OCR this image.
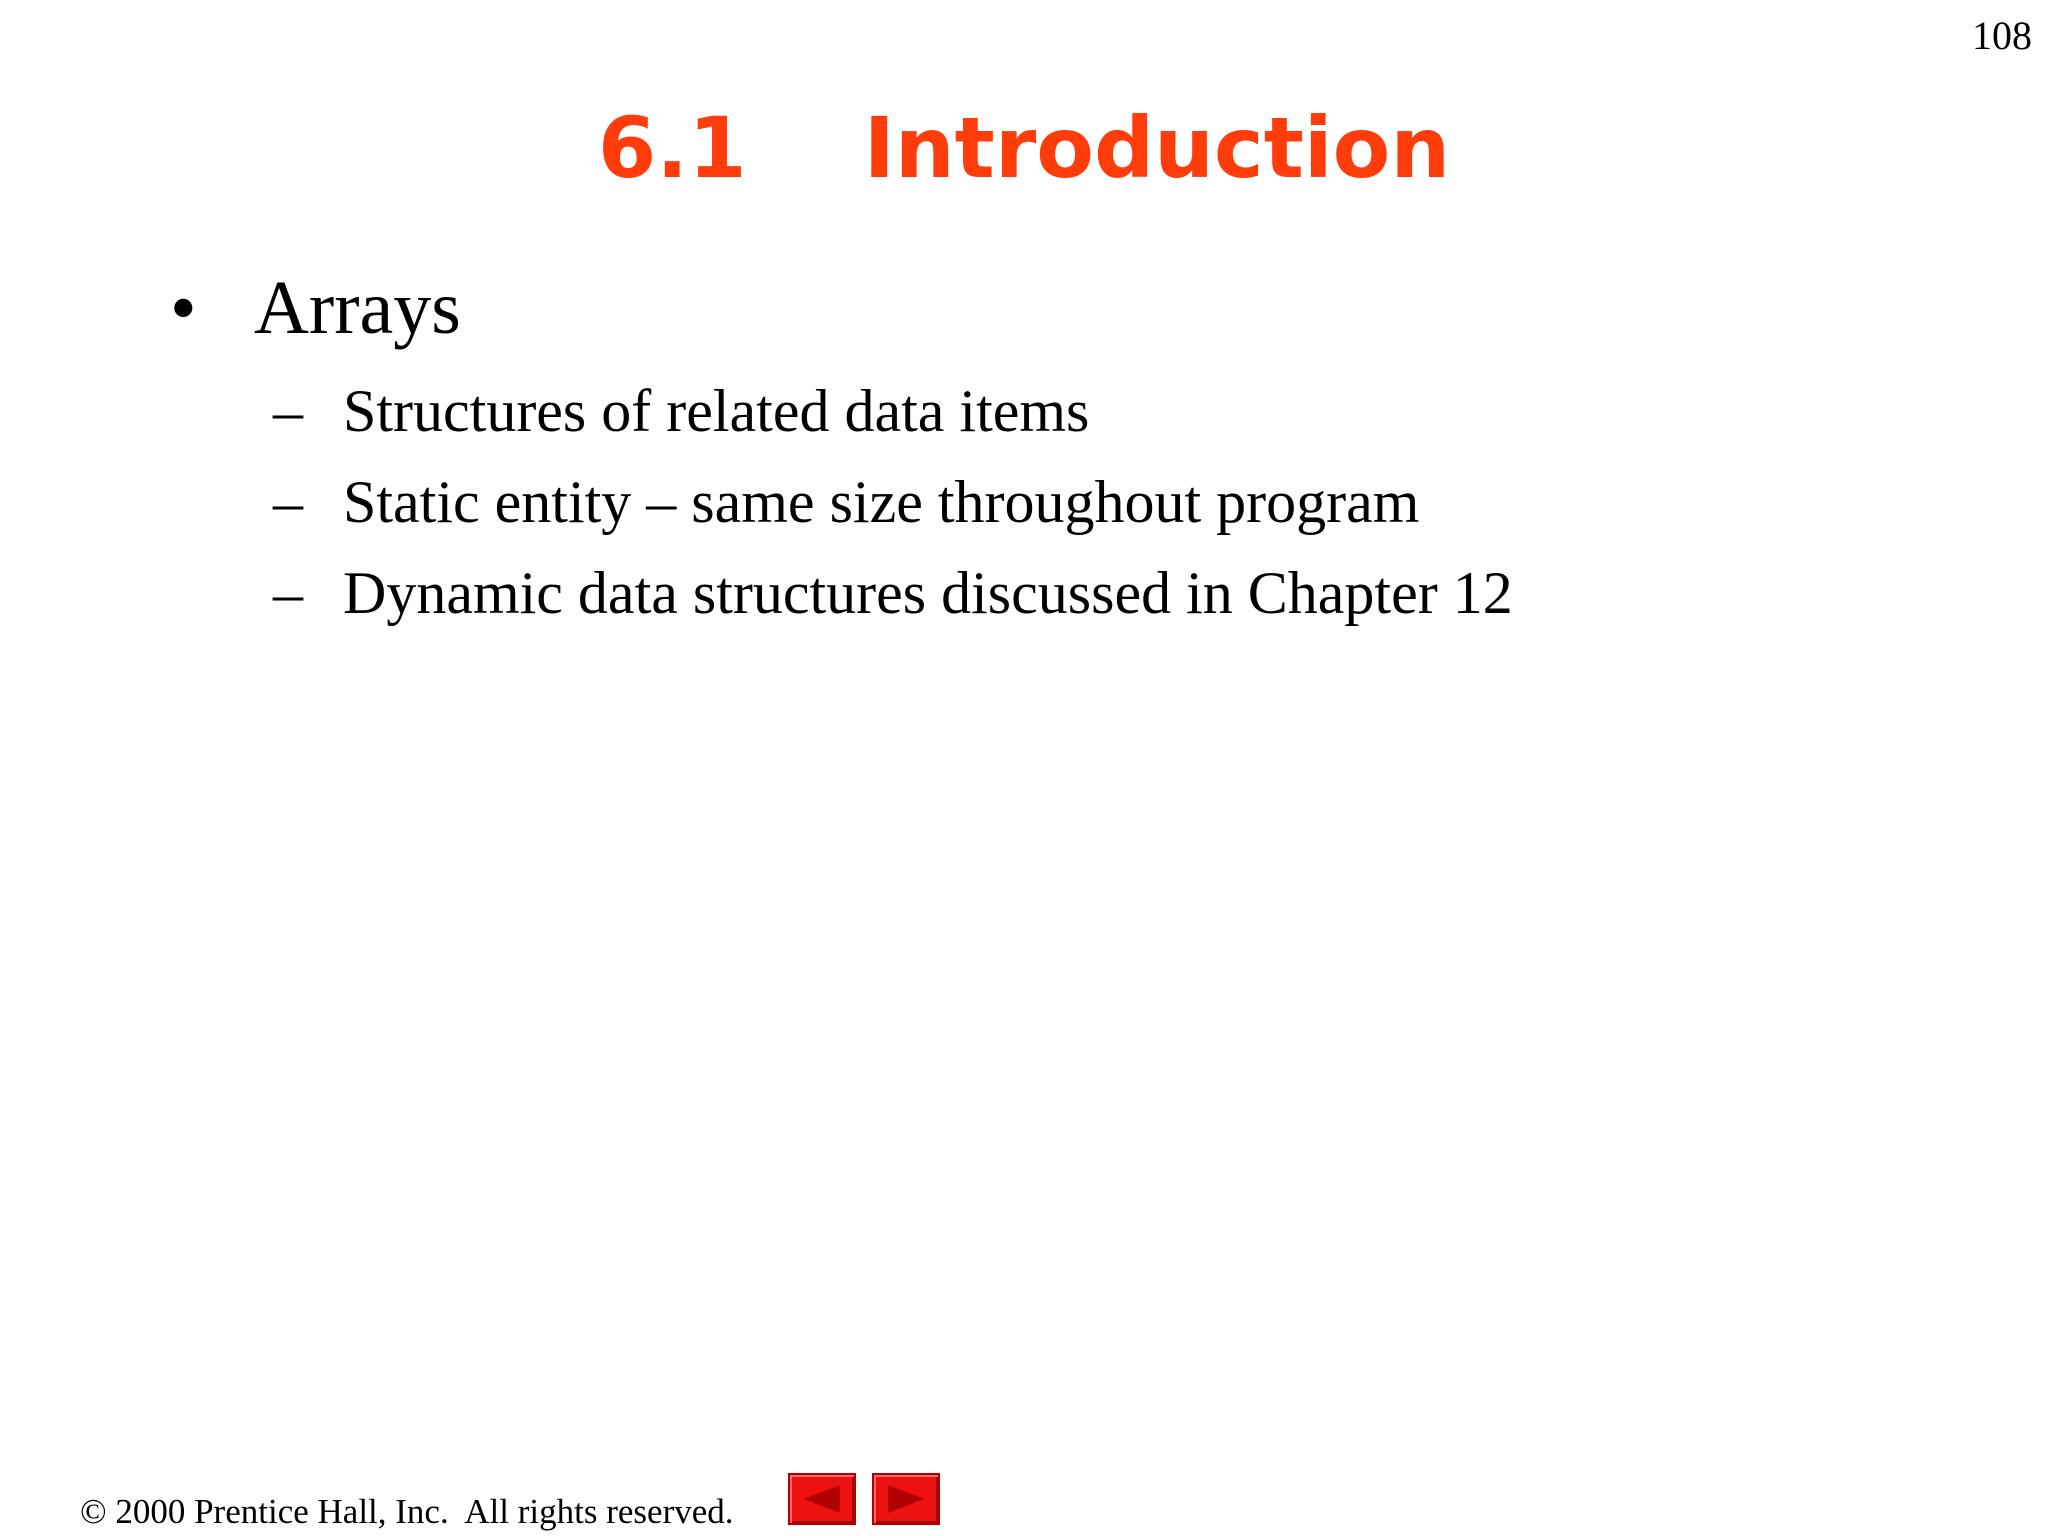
108
6.1    Introduction
• Arrays
– Structures of related data items
– Static entity – same size throughout program
– Dynamic data structures discussed in Chapter 12
© 2000 Prentice Hall, Inc.  All rights reserved.
